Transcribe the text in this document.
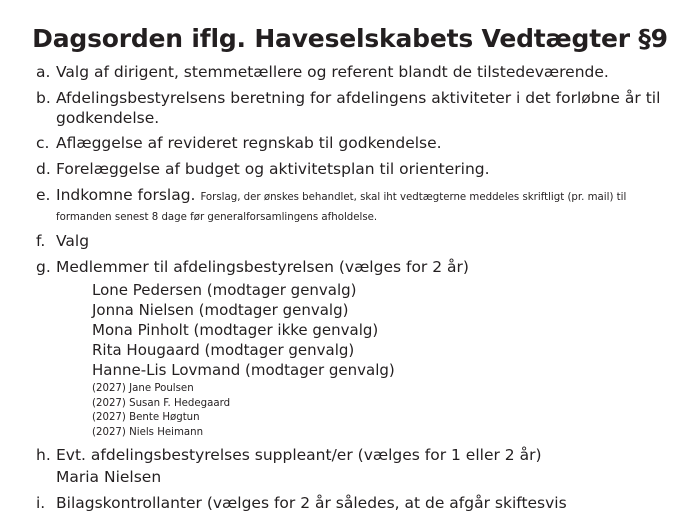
Dagsorden iflg. Haveselskabets Vedtægter §9
a. Valg af dirigent, stemmetællere og referent blandt de tilstedeværende.
b. Afdelingsbestyrelsens beretning for afdelingens aktiviteter i det forløbne år til godkendelse.
c. Aflæggelse af revideret regnskab til godkendelse.
d. Forelæggelse af budget og aktivitetsplan til orientering.
e. Indkomne forslag. Forslag, der ønskes behandlet, skal iht vedtægterne meddeles skriftligt (pr. mail) til formanden senest 8 dage før generalforsamlingens afholdelse.
f. Valg
g. Medlemmer til afdelingsbestyrelsen (vælges for 2 år)
Lone Pedersen (modtager genvalg)
Jonna Nielsen (modtager genvalg)
Mona Pinholt (modtager ikke genvalg)
Rita Hougaard (modtager genvalg)
Hanne-Lis Lovmand (modtager genvalg)
(2027) Jane Poulsen
(2027) Susan F. Hedegaard
(2027) Bente Høgtun
(2027) Niels Heimann
h. Evt. afdelingsbestyrelses suppleant/er (vælges for 1 eller 2 år)
Maria Nielsen
i. Bilagskontrollanter (vælges for 2 år således, at de afgår skiftesvis
